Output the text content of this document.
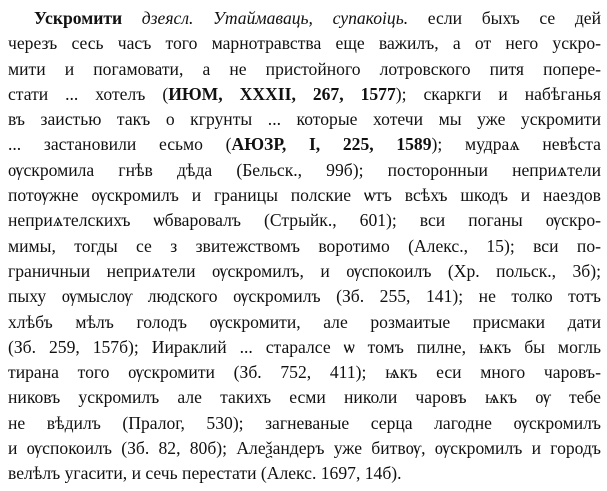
Ускромити дзеясл. Утаймаваць, супакоіць. если быхъ се дей
черезъ сесь часъ того марнотравства еще важилъ, а от него ускро-
мити и погамовати, а не пристойного лотровского питя попере-
стати ... хотелъ (ИЮМ, XXXII, 267, 1577); скаркги и набѣганья
въ заистью такъ о кгрунты ... которые хотечи мы уже ускромити
... застановили есьмо (АЮЗР, I, 225, 1589); мудраѧ невѣста
ѹскромила гнѣв дѣда (Бельск., 99б); посторонныи неприѧтели
потѹжне ѹскромилъ и границы полские ѡтъ всѣхъ шкодъ и наездов
неприѧтелскихъ ѡбваровалъ (Стрыйк., 601); вси поганы ѹскро-
мимы, тогды се з звитежствомъ воротимо (Алекс., 15); вси по-
граничныи неприѧтели ѹскромилъ, и ѹспокоилъ (Хр. польск., 3б);
пыху ѹмыслѹ людского ѹскромилъ (Зб. 255, 141); не толко тотъ
хлѣбъ мѣлъ голодъ ѹскромити, але розмаитые присмаки дати
(Зб. 259, 157б); Иираклий ... старалсе ѡ томъ пилне, ѩкъ бы могль
тирана того ѹскромити (Зб. 752, 411); ѩкъ еси много чаровъ-
никовъ ускромилъ але такихъ есми николи чаровъ ѩкъ ѹ тебе
не вѣдилъ (Пралог, 530); загневаные серца лагодне ѹскромилъ
и ѹспокоилъ (Зб. 82, 80б); Алеѯандеръ уже битвѹ, ѹскромилъ и городъ
велѣлъ угасити, и сечь перестати (Алекс. 1697, 14б).
